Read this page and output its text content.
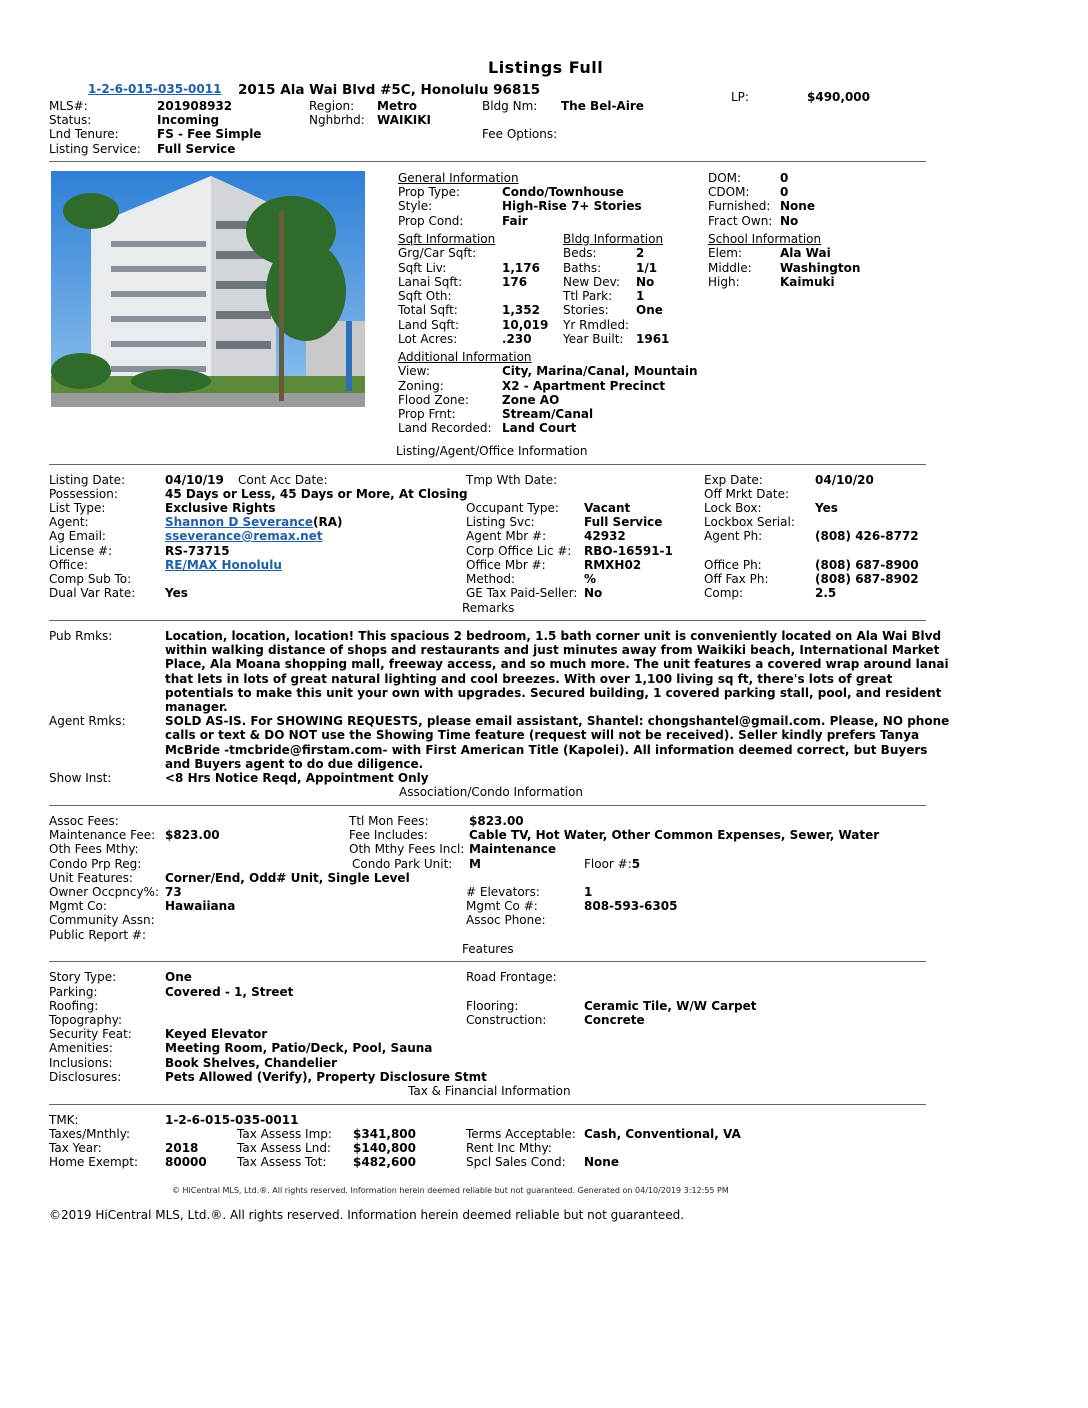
Listings Full
1-2-6-015-035-0011 2015 Ala Wai Blvd #5C, Honolulu 96815	LP:	$490,000
MLS#:	201908932	Region: Metro	Bldg Nm: The Bel-Aire
Status:	Incoming	Nghbrhd: WAIKIKI
Lnd Tenure:	FS - Fee Simple	Fee Options:
Listing Service: Full Service
General Information
Prop Type:	Condo/Townhouse
Style:	High-Rise 7+ Stories
Prop Cond:	Fair
DOM:	0
CDOM:	0
Furnished: None
Fract Own: No
Sqft Information
Grg/Car Sqft:
Sqft Liv:	1,176
Lanai Sqft:	176
Sqft Oth:
Total Sqft:	1,352
Land Sqft:	10,019
Lot Acres:	.230
Bldg Information
Beds:	2
Baths:	1/1
New Dev: No
Ttl Park: 1
Stories: One
Yr Rmdled:
Year Built: 1961
School Information
Elem:	Ala Wai
Middle: Washington
High:	Kaimuki
Additional Information
View:	City, Marina/Canal, Mountain
Zoning:	X2 - Apartment Precinct
Flood Zone:	Zone AO
Prop Frnt:	Stream/Canal
Land Recorded: Land Court
Listing/Agent/Office Information
Listing Date:	04/10/19 Cont Acc Date:	Tmp Wth Date:	Exp Date:	04/10/20
Possession:	45 Days or Less, 45 Days or More, At Closing	Off Mrkt Date:
List Type:	Exclusive Rights	Occupant Type: Vacant	Lock Box:	Yes
Agent:	Shannon D Severance(RA)	Listing Svc:	Full Service	Lockbox Serial:
Ag Email:	sseverance@remax.net	Agent Mbr #:	42932	Agent Ph:	(808) 426-8772
License #:	RS-73715	Corp Office Lic #: RBO-16591-1
Office:	RE/MAX Honolulu	Office Mbr #:	RMXH02	Office Ph:	(808) 687-8900
Comp Sub To:	Method:	%	Off Fax Ph:	(808) 687-8902
Dual Var Rate: Yes	GE Tax Paid-Seller: No	Comp:	2.5
Remarks
Pub Rmks:	Location, location, location! This spacious 2 bedroom, 1.5 bath corner unit is conveniently located on Ala Wai Blvd
within walking distance of shops and restaurants and just minutes away from Waikiki beach, International Market
Place, Ala Moana shopping mall, freeway access, and so much more. The unit features a covered wrap around lanai
that lets in lots of great natural lighting and cool breezes. With over 1,100 living sq ft, there's lots of great
potentials to make this unit your own with upgrades. Secured building, 1 covered parking stall, pool, and resident
manager.
Agent Rmks:	SOLD AS-IS. For SHOWING REQUESTS, please email assistant, Shantel: chongshantel@gmail.com. Please, NO phone
calls or text & DO NOT use the Showing Time feature (request will not be received). Seller kindly prefers Tanya
McBride -tmcbride@firstam.com- with First American Title (Kapolei). All information deemed correct, but Buyers
and Buyers agent to do due diligence.
Show Inst:	<8 Hrs Notice Reqd, Appointment Only
Association/Condo Information
Assoc Fees:	Ttl Mon Fees:	$823.00
Maintenance Fee: $823.00	Fee Includes:	Cable TV, Hot Water, Other Common Expenses, Sewer, Water
Oth Fees Mthy:	Oth Mthy Fees Incl: Maintenance
Condo Prp Reg:	Condo Park Unit: M	Floor #:5
Unit Features:	Corner/End, Odd# Unit, Single Level
Owner Occpncy%: 73	# Elevators:	1
Mgmt Co:	Hawaiiana	Mgmt Co #:	808-593-6305
Community Assn:	Assoc Phone:
Public Report #:
Features
Story Type:	One	Road Frontage:
Parking:	Covered - 1, Street
Roofing:	Flooring:	Ceramic Tile, W/W Carpet
Topography:	Construction:	Concrete
Security Feat:	Keyed Elevator
Amenities:	Meeting Room, Patio/Deck, Pool, Sauna
Inclusions:	Book Shelves, Chandelier
Disclosures:	Pets Allowed (Verify), Property Disclosure Stmt
Tax & Financial Information
TMK:	1-2-6-015-035-0011
Taxes/Mnthly:	Tax Assess Imp: $341,800	Terms Acceptable: Cash, Conventional, VA
Tax Year:	2018	Tax Assess Lnd: $140,800	Rent Inc Mthy:
Home Exempt: 80000	Tax Assess Tot: $482,600	Spcl Sales Cond: None
© HiCentral MLS, Ltd.®. All rights reserved. Information herein deemed reliable but not guaranteed. Generated on 04/10/2019 3:12:55 PM
©2019 HiCentral MLS, Ltd.®. All rights reserved. Information herein deemed reliable but not guaranteed.
